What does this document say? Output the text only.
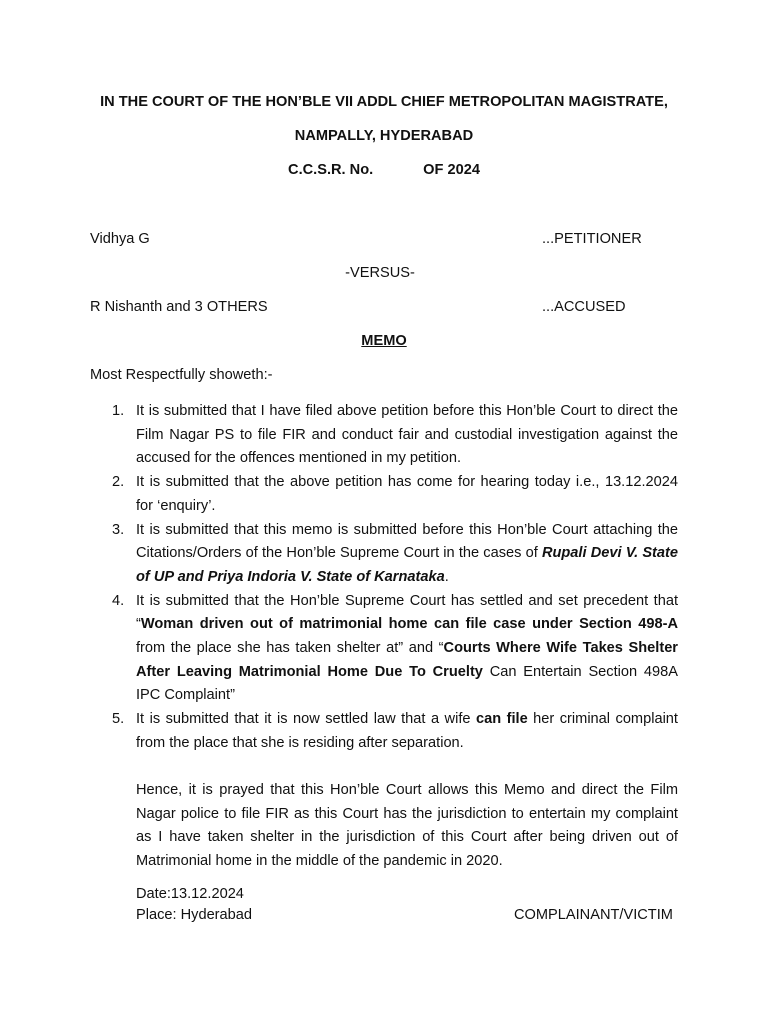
IN THE COURT OF THE HON’BLE VII ADDL CHIEF METROPOLITAN MAGISTRATE,
NAMPALLY, HYDERABAD
C.C.S.R. No.	OF 2024
Vidhya G	...PETITIONER
-VERSUS-
R Nishanth and 3 OTHERS	...ACCUSED
MEMO
Most Respectfully showeth:-
1. It is submitted that I have filed above petition before this Hon’ble Court to direct the Film Nagar PS to file FIR and conduct fair and custodial investigation against the accused for the offences mentioned in my petition.
2. It is submitted that the above petition has come for hearing today i.e., 13.12.2024 for ‘enquiry’.
3. It is submitted that this memo is submitted before this Hon’ble Court attaching the Citations/Orders of the Hon’ble Supreme Court in the cases of Rupali Devi V. State of UP and Priya Indoria V. State of Karnataka.
4. It is submitted that the Hon’ble Supreme Court has settled and set precedent that “Woman driven out of matrimonial home can file case under Section 498-A from the place she has taken shelter at” and “Courts Where Wife Takes Shelter After Leaving Matrimonial Home Due To Cruelty Can Entertain Section 498A IPC Complaint”
5. It is submitted that it is now settled law that a wife can file her criminal complaint from the place that she is residing after separation.
Hence, it is prayed that this Hon’ble Court allows this Memo and direct the Film Nagar police to file FIR as this Court has the jurisdiction to entertain my complaint as I have taken shelter in the jurisdiction of this Court after being driven out of Matrimonial home in the middle of the pandemic in 2020.
Date:13.12.2024
Place: Hyderabad	COMPLAINANT/VICTIM
